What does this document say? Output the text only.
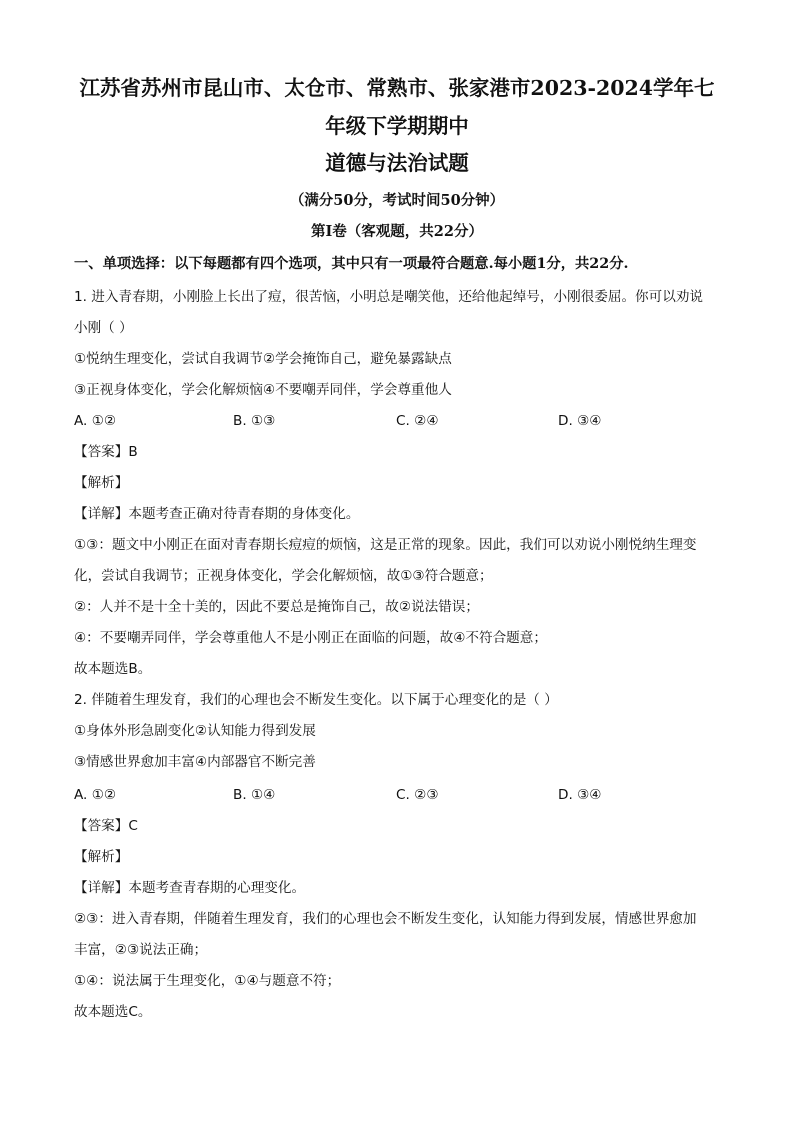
江苏省苏州市昆山市、太仓市、常熟市、张家港市2023-2024学年七
年级下学期期中
道德与法治试题
（满分50分，考试时间50分钟）
第Ⅰ卷（客观题，共22分）
一、单项选择：以下每题都有四个选项，其中只有一项最符合题意.每小题1分，共22分.
1. 进入青春期，小刚脸上长出了痘，很苦恼，小明总是嘲笑他，还给他起绰号，小刚很委屈。你可以劝说
小刚（ ）
①悦纳生理变化，尝试自我调节②学会掩饰自己，避免暴露缺点
③正视身体变化，学会化解烦恼④不要嘲弄同伴，学会尊重他人
A. ①②	B. ①③	C. ②④	D. ③④
【答案】B
【解析】
【详解】本题考查正确对待青春期的身体变化。
①③：题文中小刚正在面对青春期长痘痘的烦恼，这是正常的现象。因此，我们可以劝说小刚悦纳生理变
化，尝试自我调节；正视身体变化，学会化解烦恼，故①③符合题意；
②：人并不是十全十美的，因此不要总是掩饰自己，故②说法错误；
④：不要嘲弄同伴，学会尊重他人不是小刚正在面临的问题，故④不符合题意；
故本题选B。
2. 伴随着生理发育，我们的心理也会不断发生变化。以下属于心理变化的是（ ）
①身体外形急剧变化②认知能力得到发展
③情感世界愈加丰富④内部器官不断完善
A. ①②	B. ①④	C. ②③	D. ③④
【答案】C
【解析】
【详解】本题考查青春期的心理变化。
②③：进入青春期，伴随着生理发育，我们的心理也会不断发生变化，认知能力得到发展，情感世界愈加
丰富，②③说法正确；
①④：说法属于生理变化，①④与题意不符；
故本题选C。
